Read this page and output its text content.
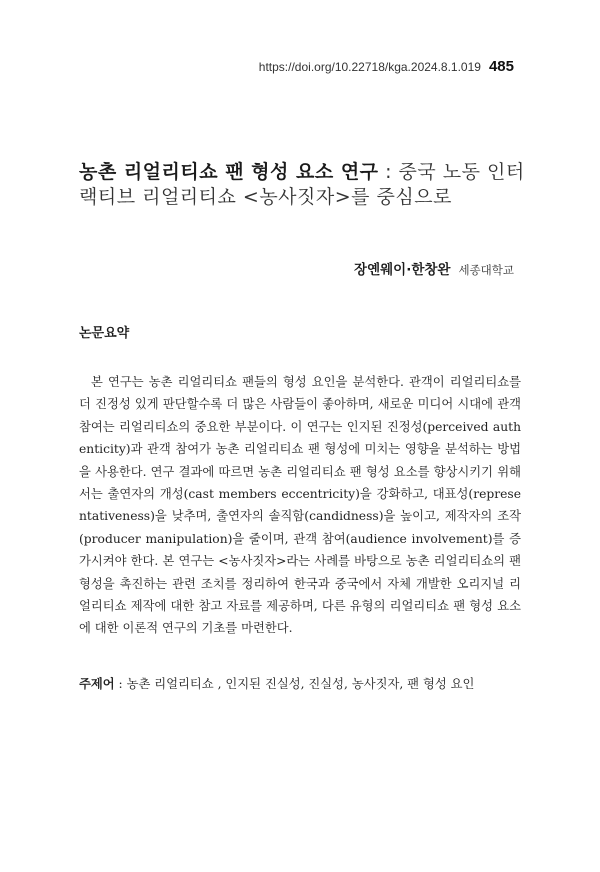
https://doi.org/10.22718/kga.2024.8.1.019 485
농촌 리얼리티쇼 팬 형성 요소 연구 : 중국 노동 인터랙티브 리얼리티쇼 <농사짓자>를 중심으로
장옌웨이·한창완 세종대학교
논문요약
본 연구는 농촌 리얼리티쇼 팬들의 형성 요인을 분석한다. 관객이 리얼리티쇼를 더 진정성 있게 판단할수록 더 많은 사람들이 좋아하며, 새로운 미디어 시대에 관객 참여는 리얼리티쇼의 중요한 부분이다. 이 연구는 인지된 진정성(perceived authenticity)과 관객 참여가 농촌 리얼리티쇼 팬 형성에 미치는 영향을 분석하는 방법을 사용한다. 연구 결과에 따르면 농촌 리얼리티쇼 팬 형성 요소를 향상시키기 위해서는 출연자의 개성(cast members eccentricity)을 강화하고, 대표성(representativeness)을 낮추며, 출연자의 솔직함(candidness)을 높이고, 제작자의 조작(producer manipulation)을 줄이며, 관객 참여(audience involvement)를 증가시켜야 한다. 본 연구는 <농사짓자>라는 사례를 바탕으로 농촌 리얼리티쇼의 팬 형성을 촉진하는 관련 조치를 정리하여 한국과 중국에서 자체 개발한 오리지널 리얼리티쇼 제작에 대한 참고 자료를 제공하며, 다른 유형의 리얼리티쇼 팬 형성 요소에 대한 이론적 연구의 기초를 마련한다.
주제어 : 농촌 리얼리티쇼 , 인지된 진실성, 진실성, 농사짓자, 팬 형성 요인
